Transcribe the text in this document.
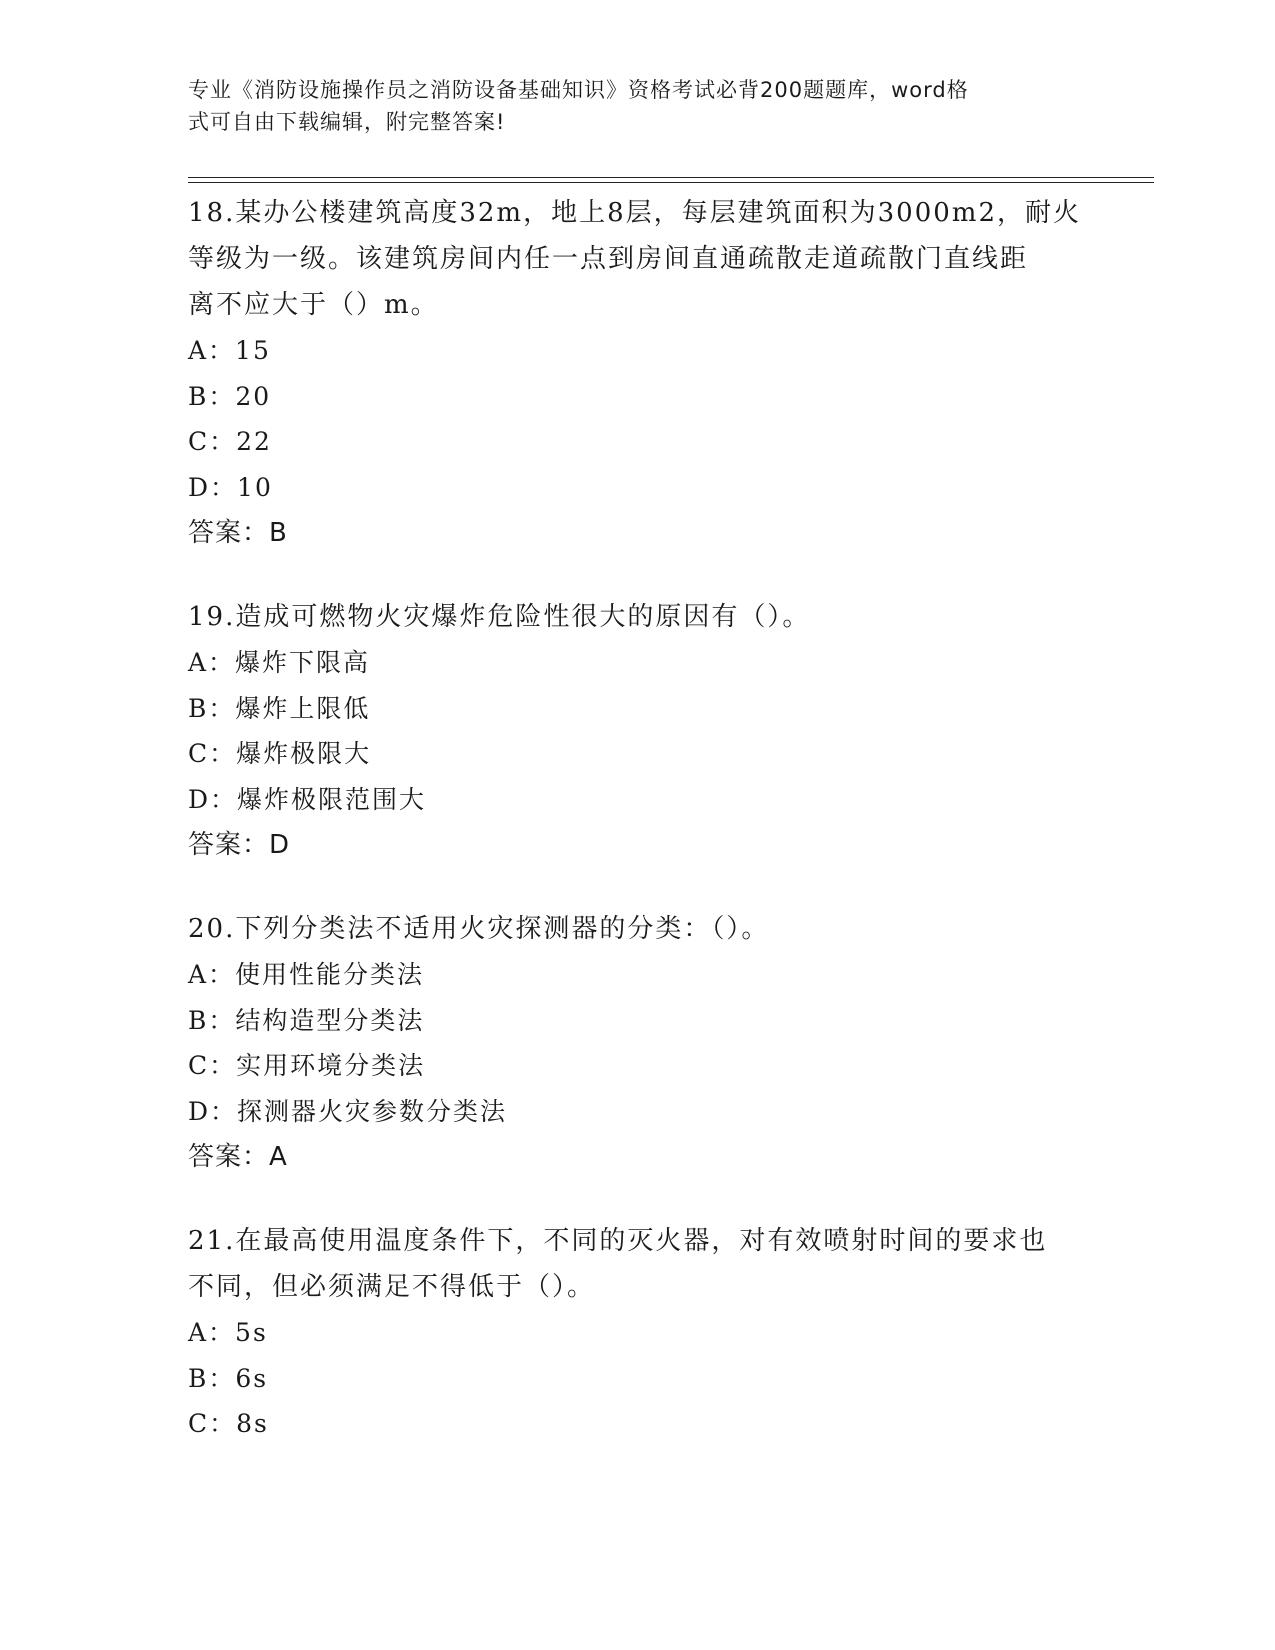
专业《消防设施操作员之消防设备基础知识》资格考试必背200题题库，word格
式可自由下载编辑，附完整答案!
18.某办公楼建筑高度32m，地上8层，每层建筑面积为3000m2，耐火
等级为一级。该建筑房间内任一点到房间直通疏散走道疏散门直线距
离不应大于（）m。
A：15
B：20
C：22
D：10
答案：B
19.造成可燃物火灾爆炸危险性很大的原因有（）。
A：爆炸下限高
B：爆炸上限低
C：爆炸极限大
D：爆炸极限范围大
答案：D
20.下列分类法不适用火灾探测器的分类：（）。
A：使用性能分类法
B：结构造型分类法
C：实用环境分类法
D：探测器火灾参数分类法
答案：A
21.在最高使用温度条件下，不同的灭火器，对有效喷射时间的要求也
不同，但必须满足不得低于（）。
A：5s
B：6s
C：8s
